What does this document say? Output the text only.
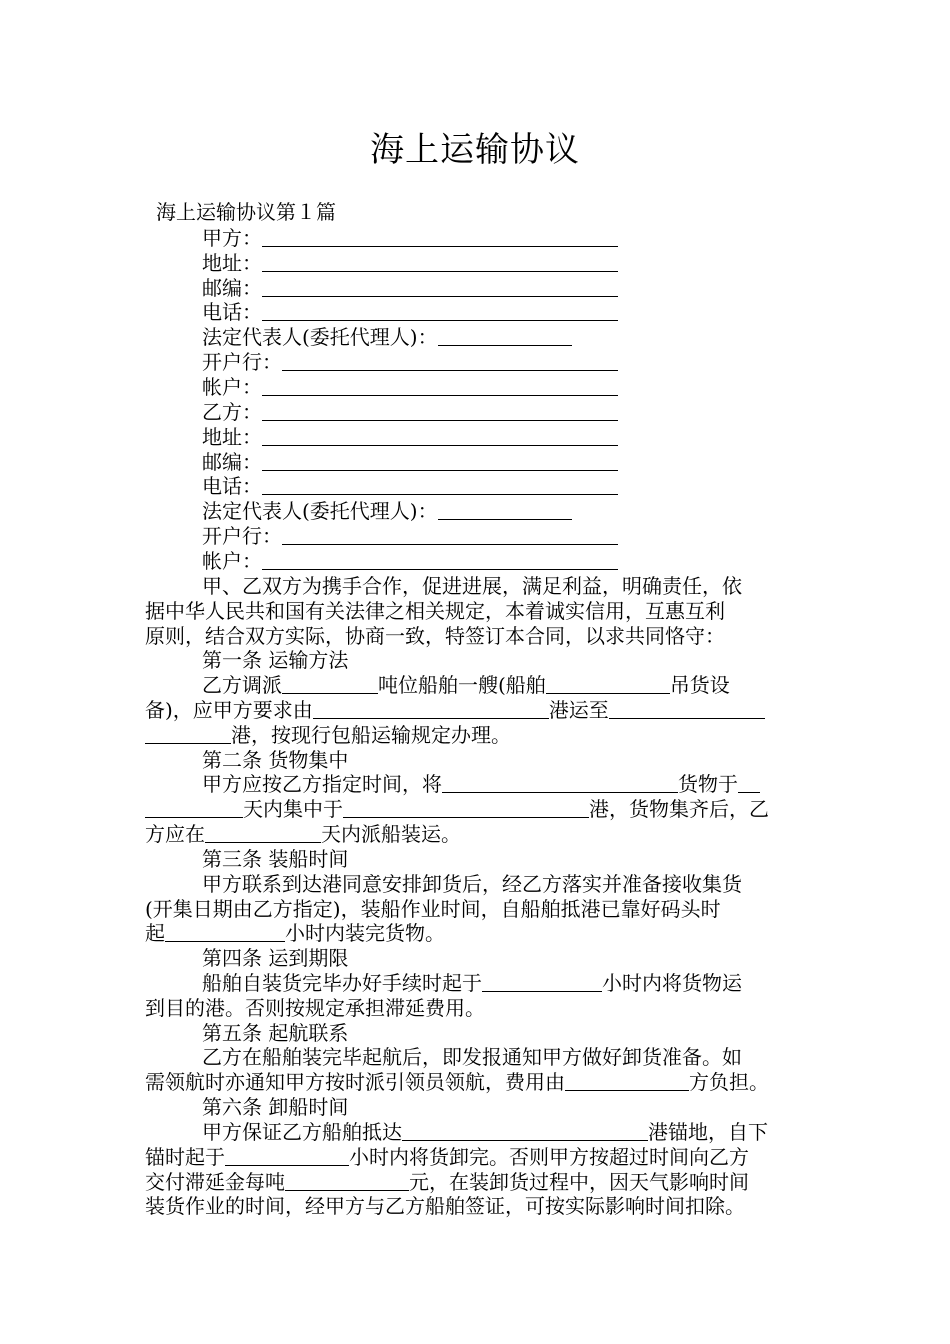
海上运输协议
海上运输协议第１篇
甲方：
地址：
邮编：
电话：
法定代表人(委托代理人)：
开户行：
帐户：
乙方：
地址：
邮编：
电话：
法定代表人(委托代理人)：
开户行：
帐户：
甲、乙双方为携手合作，促进进展，满足利益，明确责任，依
据中华人民共和国有关法律之相关规定，本着诚实信用，互惠互利
原则，结合双方实际，协商一致，特签订本合同，以求共同恪守：
第一条 运输方法
乙方调派	吨位船舶一艘(船舶	吊货设
备)，应甲方要求由	港运至
港，按现行包船运输规定办理。
第二条 货物集中
甲方应按乙方指定时间，将	货物于
天内集中于	港，货物集齐后，乙
方应在	天内派船装运。
第三条 装船时间
甲方联系到达港同意安排卸货后，经乙方落实并准备接收集货
(开集日期由乙方指定)，装船作业时间，自船舶抵港已靠好码头时
起	小时内装完货物。
第四条 运到期限
船舶自装货完毕办好手续时起于	小时内将货物运
到目的港。否则按规定承担滞延费用。
第五条 起航联系
乙方在船舶装完毕起航后，即发报通知甲方做好卸货准备。如
需领航时亦通知甲方按时派引领员领航，费用由	方负担。
第六条 卸船时间
甲方保证乙方船舶抵达	港锚地，自下
锚时起于	小时内将货卸完。否则甲方按超过时间向乙方
交付滞延金每吨	元，在装卸货过程中，因天气影响时间
装货作业的时间，经甲方与乙方船舶签证，可按实际影响时间扣除。
